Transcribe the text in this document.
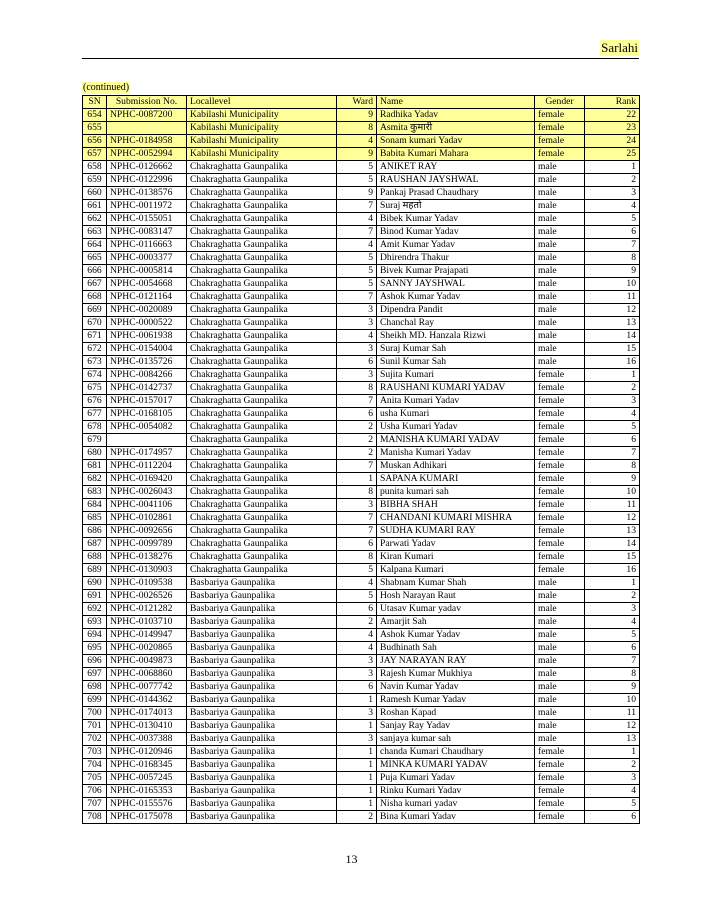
Sarlahi
(continued)
SN	Submission No.	Locallevel	Ward	Name	Gender	Rank
654	NPHC-0087200	Kabilashi Municipality	9	Radhika Yadav	female	22
655		Kabilashi Municipality	8	Asmita कुमारी	female	23
656	NPHC-0184958	Kabilashi Municipality	4	Sonam kumari Yadav	female	24
657	NPHC-0052994	Kabilashi Municipality	9	Babita Kumari Mahara	female	25
658	NPHC-0126662	Chakraghatta Gaunpalika	5	ANIKET RAY	male	1
659	NPHC-0122996	Chakraghatta Gaunpalika	5	RAUSHAN JAYSHWAL	male	2
660	NPHC-0138576	Chakraghatta Gaunpalika	9	Pankaj Prasad Chaudhary	male	3
661	NPHC-0011972	Chakraghatta Gaunpalika	7	Suraj महतो	male	4
662	NPHC-0155051	Chakraghatta Gaunpalika	4	Bibek Kumar Yadav	male	5
663	NPHC-0083147	Chakraghatta Gaunpalika	7	Binod Kumar Yadav	male	6
664	NPHC-0116663	Chakraghatta Gaunpalika	4	Amit Kumar Yadav	male	7
665	NPHC-0003377	Chakraghatta Gaunpalika	5	Dhirendra Thakur	male	8
666	NPHC-0005814	Chakraghatta Gaunpalika	5	Bivek Kumar Prajapati	male	9
667	NPHC-0054668	Chakraghatta Gaunpalika	5	SANNY JAYSHWAL	male	10
668	NPHC-0121164	Chakraghatta Gaunpalika	7	Ashok Kumar Yadav	male	11
669	NPHC-0020089	Chakraghatta Gaunpalika	3	Dipendra Pandit	male	12
670	NPHC-0000522	Chakraghatta Gaunpalika	3	Chanchal Ray	male	13
671	NPHC-0061938	Chakraghatta Gaunpalika	4	Sheikh MD. Hanzala Rizwi	male	14
672	NPHC-0154004	Chakraghatta Gaunpalika	3	Suraj Kumar Sah	male	15
673	NPHC-0135726	Chakraghatta Gaunpalika	6	Sunil Kumar Sah	male	16
674	NPHC-0084266	Chakraghatta Gaunpalika	3	Sujita Kumari	female	1
675	NPHC-0142737	Chakraghatta Gaunpalika	8	RAUSHANI KUMARI YADAV	female	2
676	NPHC-0157017	Chakraghatta Gaunpalika	7	Anita Kumari Yadav	female	3
677	NPHC-0168105	Chakraghatta Gaunpalika	6	usha Kumari	female	4
678	NPHC-0054082	Chakraghatta Gaunpalika	2	Usha Kumari Yadav	female	5
679		Chakraghatta Gaunpalika	2	MANISHA KUMARI YADAV	female	6
680	NPHC-0174957	Chakraghatta Gaunpalika	2	Manisha Kumari Yadav	female	7
681	NPHC-0112204	Chakraghatta Gaunpalika	7	Muskan Adhikari	female	8
682	NPHC-0169420	Chakraghatta Gaunpalika	1	SAPANA KUMARI	female	9
683	NPHC-0026043	Chakraghatta Gaunpalika	8	punita kumari sah	female	10
684	NPHC-0041106	Chakraghatta Gaunpalika	3	BIBHA SHAH	female	11
685	NPHC-0102861	Chakraghatta Gaunpalika	7	CHANDANI KUMARI MISHRA	female	12
686	NPHC-0092656	Chakraghatta Gaunpalika	7	SUDHA KUMARI RAY	female	13
687	NPHC-0099789	Chakraghatta Gaunpalika	6	Parwati Yadav	female	14
688	NPHC-0138276	Chakraghatta Gaunpalika	8	Kiran Kumari	female	15
689	NPHC-0130903	Chakraghatta Gaunpalika	5	Kalpana Kumari	female	16
690	NPHC-0109538	Basbariya Gaunpalika	4	Shabnam Kumar Shah	male	1
691	NPHC-0026526	Basbariya Gaunpalika	5	Hosh Narayan Raut	male	2
692	NPHC-0121282	Basbariya Gaunpalika	6	Utasav Kumar yadav	male	3
693	NPHC-0103710	Basbariya Gaunpalika	2	Amarjit Sah	male	4
694	NPHC-0149947	Basbariya Gaunpalika	4	Ashok Kumar Yadav	male	5
695	NPHC-0020865	Basbariya Gaunpalika	4	Budhinath Sah	male	6
696	NPHC-0049873	Basbariya Gaunpalika	3	JAY NARAYAN RAY	male	7
697	NPHC-0068860	Basbariya Gaunpalika	3	Rajesh Kumar Mukhiya	male	8
698	NPHC-0077742	Basbariya Gaunpalika	6	Navin Kumar Yadav	male	9
699	NPHC-0144362	Basbariya Gaunpalika	1	Ramesh Kumar Yadav	male	10
700	NPHC-0174013	Basbariya Gaunpalika	3	Roshan Kapad	male	11
701	NPHC-0130410	Basbariya Gaunpalika	1	Sanjay Ray Yadav	male	12
702	NPHC-0037388	Basbariya Gaunpalika	3	sanjaya kumar sah	male	13
703	NPHC-0120946	Basbariya Gaunpalika	1	chanda Kumari Chaudhary	female	1
704	NPHC-0168345	Basbariya Gaunpalika	1	MINKA KUMARI YADAV	female	2
705	NPHC-0057245	Basbariya Gaunpalika	1	Puja Kumari Yadav	female	3
706	NPHC-0165353	Basbariya Gaunpalika	1	Rinku Kumari Yadav	female	4
707	NPHC-0155576	Basbariya Gaunpalika	1	Nisha kumari yadav	female	5
708	NPHC-0175078	Basbariya Gaunpalika	2	Bina Kumari Yadav	female	6
13
